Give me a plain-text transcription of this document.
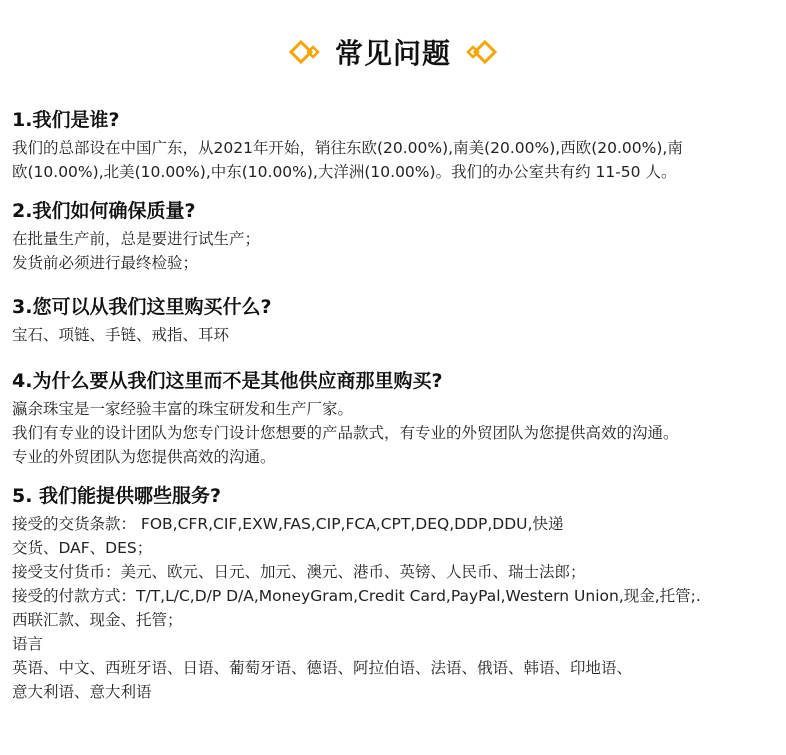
常见问题
1.我们是谁?
我们的总部设在中国广东，从2021年开始，销往东欧(20.00%),南美(20.00%),西欧(20.00%),南
欧(10.00%),北美(10.00%),中东(10.00%),大洋洲(10.00%)。我们的办公室共有约 11-50 人。
2.我们如何确保质量?
在批量生产前，总是要进行试生产；
发货前必须进行最终检验；
3.您可以从我们这里购买什么?
宝石、项链、手链、戒指、耳环
4.为什么要从我们这里而不是其他供应商那里购买?
瀛余珠宝是一家经验丰富的珠宝研发和生产厂家。
我们有专业的设计团队为您专门设计您想要的产品款式，有专业的外贸团队为您提供高效的沟通。
专业的外贸团队为您提供高效的沟通。
5. 我们能提供哪些服务?
接受的交货条款： FOB,CFR,CIF,EXW,FAS,CIP,FCA,CPT,DEQ,DDP,DDU,快递
交货、DAF、DES；
接受支付货币：美元、欧元、日元、加元、澳元、港币、英镑、人民币、瑞士法郎；
接受的付款方式：T/T,L/C,D/P D/A,MoneyGram,Credit Card,PayPal,Western Union,现金,托管;.
西联汇款、现金、托管；
语言
英语、中文、西班牙语、日语、葡萄牙语、德语、阿拉伯语、法语、俄语、韩语、印地语、
意大利语、意大利语
